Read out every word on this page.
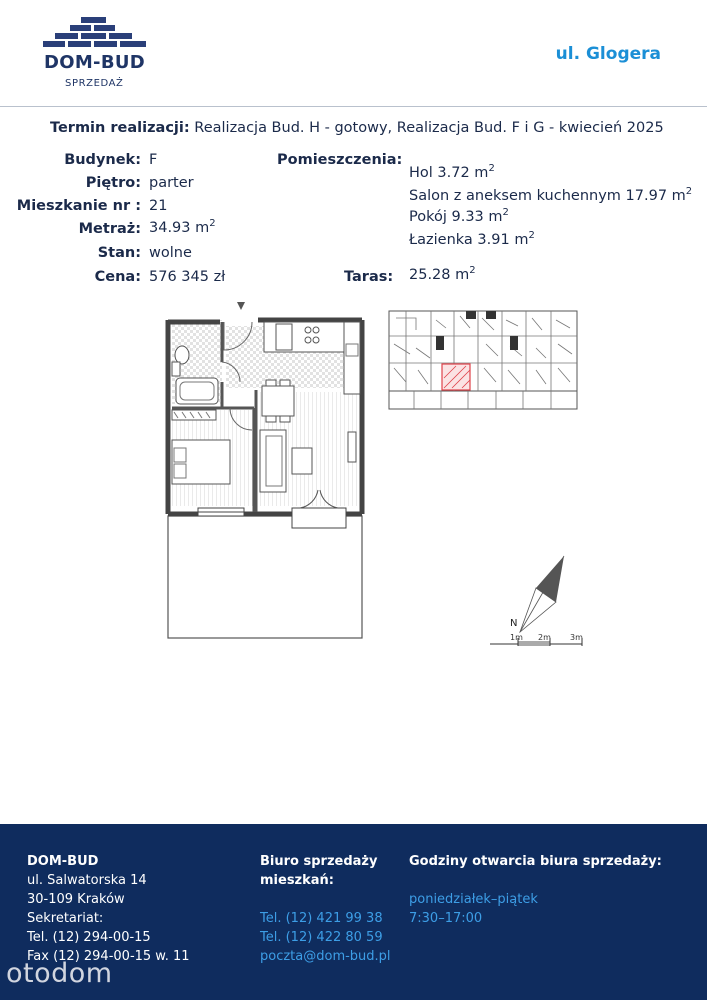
DOM-BUD
SPRZEDAŻ
ul. Glogera
Termin realizacji: Realizacja Bud. H - gotowy, Realizacja Bud. F i G - kwiecień 2025
Budynek: F
Piętro: parter
Mieszkanie nr : 21
Metraż: 34.93 $m^2$
Stan: wolne
Cena: 576 345 zł
Pomieszczenia:
Hol 3.72 $m^2$
Salon z aneksem kuchennym 17.97 $m^2$
Pokój 9.33 $m^2$
Łazienka 3.91 $m^2$
Taras: 25.28 $m^2$
N
1m 2m 3m
DOM-BUD
ul. Salwatorska 14
30-109 Kraków
Sekretariat:
Tel. (12) 294-00-15
Fax (12) 294-00-15 w. 11
Biuro sprzedaży
mieszkań:
Tel. (12) 421 99 38
Tel. (12) 422 80 59
poczta@dom-bud.pl
Godziny otwarcia biura sprzedaży:
poniedziałek–piątek
7:30–17:00
otodom
